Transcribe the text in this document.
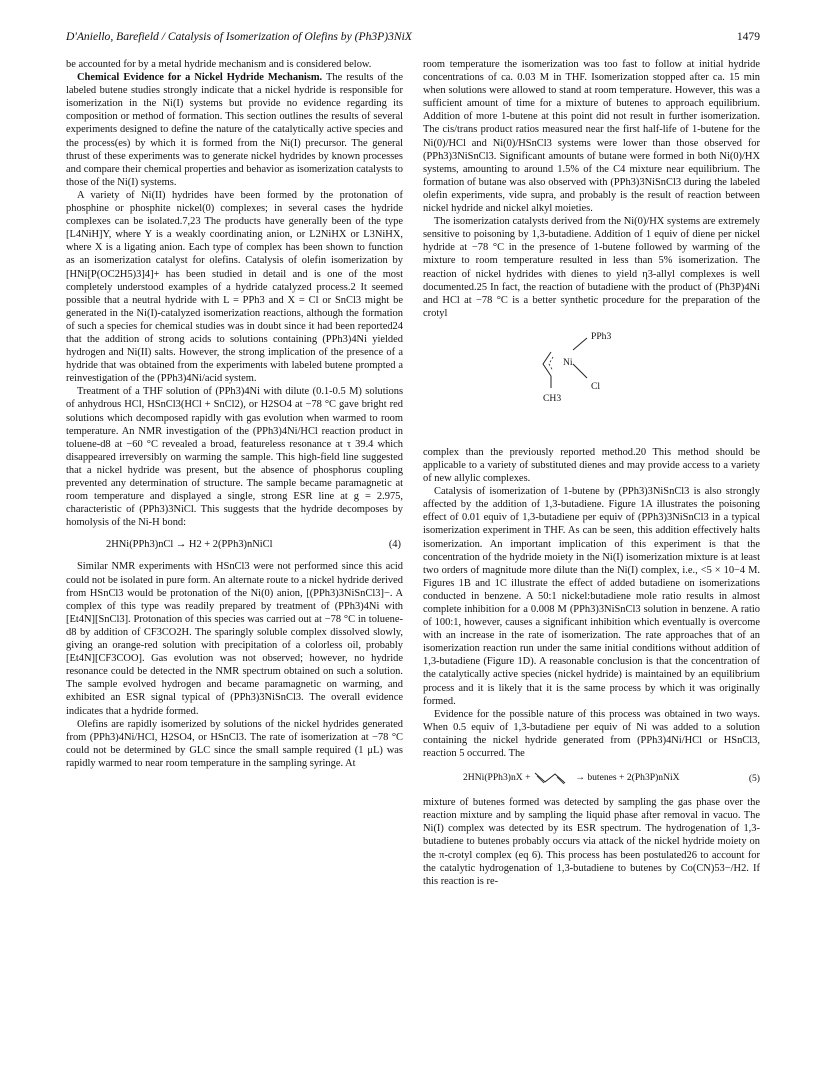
D'Aniello, Barefield / Catalysis of Isomerization of Olefins by (Ph3P)3NiX	1479

be accounted for by a metal hydride mechanism and is considered below.

Chemical Evidence for a Nickel Hydride Mechanism. The results of the labeled butene studies strongly indicate that a nickel hydride is responsible for isomerization in the Ni(I) systems but provide no evidence regarding its composition or method of formation. This section outlines the results of several experiments designed to define the nature of the catalytically active species and the process(es) by which it is formed from the Ni(I) precursor. The general thrust of these experiments was to generate nickel hydrides by known processes and compare their chemical properties and behavior as isomerization catalysts to those of the Ni(I) systems.

A variety of Ni(II) hydrides have been formed by the protonation of phosphine or phosphite nickel(0) complexes; in several cases the hydride complexes can be isolated.7,23 The products have generally been of the type [L4NiH]Y, where Y is a weakly coordinating anion, or L2NiHX or L3NiHX, where X is a ligating anion. Each type of complex has been shown to function as an isomerization catalyst for olefins. Catalysis of olefin isomerization by [HNi[P(OC2H5)3]4]+ has been studied in detail and is one of the most completely understood examples of a hydride catalyzed process.2 It seemed possible that a neutral hydride with L = PPh3 and X = Cl or SnCl3 might be generated in the Ni(I)-catalyzed isomerization reactions, although the formation of such a species for chemical studies was in doubt since it had been reported24 that the addition of strong acids to solutions containing (PPh3)4Ni yielded hydrogen and Ni(II) salts. However, the strong implication of the presence of a hydride that was obtained from the experiments with labeled butene prompted a reinvestigation of the (PPh3)4Ni/acid system.

Treatment of a THF solution of (PPh3)4Ni with dilute (0.1-0.5 M) solutions of anhydrous HCl, HSnCl3(HCl + SnCl2), or H2SO4 at −78 °C gave bright red solutions which decomposed rapidly with gas evolution when warmed to room temperature. An NMR investigation of the (PPh3)4Ni/HCl reaction product in toluene-d8 at −60 °C revealed a broad, featureless resonance at τ 39.4 which disappeared irreversibly on warming the sample. This high-field line suggested that a nickel hydride was present, but the absence of phosphorus coupling prevented any determination of structure. The sample became paramagnetic at room temperature and displayed a single, strong ESR line at g = 2.975, characteristic of (PPh3)3NiCl. This suggests that the hydride decomposes by homolysis of the Ni-H bond:

2HNi(PPh3)nCl → H2 + 2(PPh3)nNiCl	(4)

Similar NMR experiments with HSnCl3 were not performed since this acid could not be isolated in pure form. An alternate route to a nickel hydride derived from HSnCl3 would be protonation of the Ni(0) anion, [(PPh3)3NiSnCl3]−. A complex of this type was readily prepared by treatment of (PPh3)4Ni with [Et4N][SnCl3]. Protonation of this species was carried out at −78 °C in toluene-d8 by addition of CF3CO2H. The sparingly soluble complex dissolved slowly, giving an orange-red solution with precipitation of a colorless oil, probably [Et4N][CF3COO]. Gas evolution was not observed; however, no hydride resonance could be detected in the NMR spectrum obtained on such a solution. The sample evolved hydrogen and became paramagnetic on warming, and exhibited an ESR signal typical of (PPh3)3NiSnCl3. The overall evidence indicates that a hydride formed.

Olefins are rapidly isomerized by solutions of the nickel hydrides generated from (PPh3)4Ni/HCl, H2SO4, or HSnCl3. The rate of isomerization at −78 °C could not be determined by GLC since the small sample required (1 μL) was rapidly warmed to near room temperature in the sampling syringe. At

room temperature the isomerization was too fast to follow at initial hydride concentrations of ca. 0.03 M in THF. Isomerization stopped after ca. 15 min when solutions were allowed to stand at room temperature. However, this was a sufficient amount of time for a mixture of butenes to approach equilibrium. Addition of more 1-butene at this point did not result in further isomerization. The cis/trans product ratios measured near the first half-life of 1-butene for the Ni(0)/HCl and Ni(0)/HSnCl3 systems were lower than those observed for (PPh3)3NiSnCl3. Significant amounts of butane were formed in both Ni(0)/HX systems, amounting to around 1.5% of the C4 mixture near equilibrium. The formation of butane was also observed with (PPh3)3NiSnCl3 during the labeled olefin experiments, vide supra, and probably is the result of reaction between nickel hydride and nickel alkyl moieties.

The isomerization catalysts derived from the Ni(0)/HX systems are extremely sensitive to poisoning by 1,3-butadiene. Addition of 1 equiv of diene per nickel hydride at −78 °C in the presence of 1-butene followed by warming of the mixture to room temperature resulted in less than 5% isomerization. The reaction of nickel hydrides with dienes to yield η3-allyl complexes is well documented.25 In fact, the reaction of butadiene with the product of (Ph3P)4Ni and HCl at −78 °C is a better synthetic procedure for the preparation of the crotyl

PPh3
Ni
Cl
CH3

complex than the previously reported method.20 This method should be applicable to a variety of substituted dienes and may provide access to a variety of new allylic complexes.

Catalysis of isomerization of 1-butene by (PPh3)3NiSnCl3 is also strongly affected by the addition of 1,3-butadiene. Figure 1A illustrates the poisoning effect of 0.01 equiv of 1,3-butadiene per equiv of (PPh3)3NiSnCl3 in a typical isomerization experiment in THF. As can be seen, this addition effectively halts isomerization. An important implication of this experiment is that the concentration of the hydride moiety in the Ni(I) isomerization mixture is at least two orders of magnitude more dilute than the Ni(I) complex, i.e., <5 × 10−4 M. Figures 1B and 1C illustrate the effect of added butadiene on isomerizations conducted in benzene. A 50:1 nickel:butadiene mole ratio results in almost complete inhibition for a 0.008 M (PPh3)3NiSnCl3 solution in benzene. A ratio of 100:1, however, causes a significant inhibition which eventually is overcome with an increase in the rate of isomerization. The rate approaches that of an isomerization reaction run under the same initial conditions without addition of 1,3-butadiene (Figure 1D). A reasonable conclusion is that the concentration of the catalytically active species (nickel hydride) is maintained by an equilibrium process and it is likely that it is the same process by which it was originally formed.

Evidence for the possible nature of this process was obtained in two ways. When 0.5 equiv of 1,3-butadiene per equiv of Ni was added to a solution containing the nickel hydride generated from (PPh3)4Ni/HCl or HSnCl3, reaction 5 occurred. The

2HNi(PPh3)nX +	→ butenes + 2(Ph3P)nNiX	(5)

mixture of butenes formed was detected by sampling the gas phase over the reaction mixture and by sampling the liquid phase after removal in vacuo. The Ni(I) complex was detected by its ESR spectrum. The hydrogenation of 1,3-butadiene to butenes probably occurs via attack of the nickel hydride moiety on the π-crotyl complex (eq 6). This process has been postulated26 to account for the catalytic hydrogenation of 1,3-butadiene to butenes by Co(CN)53−/H2. If this reaction is re-
